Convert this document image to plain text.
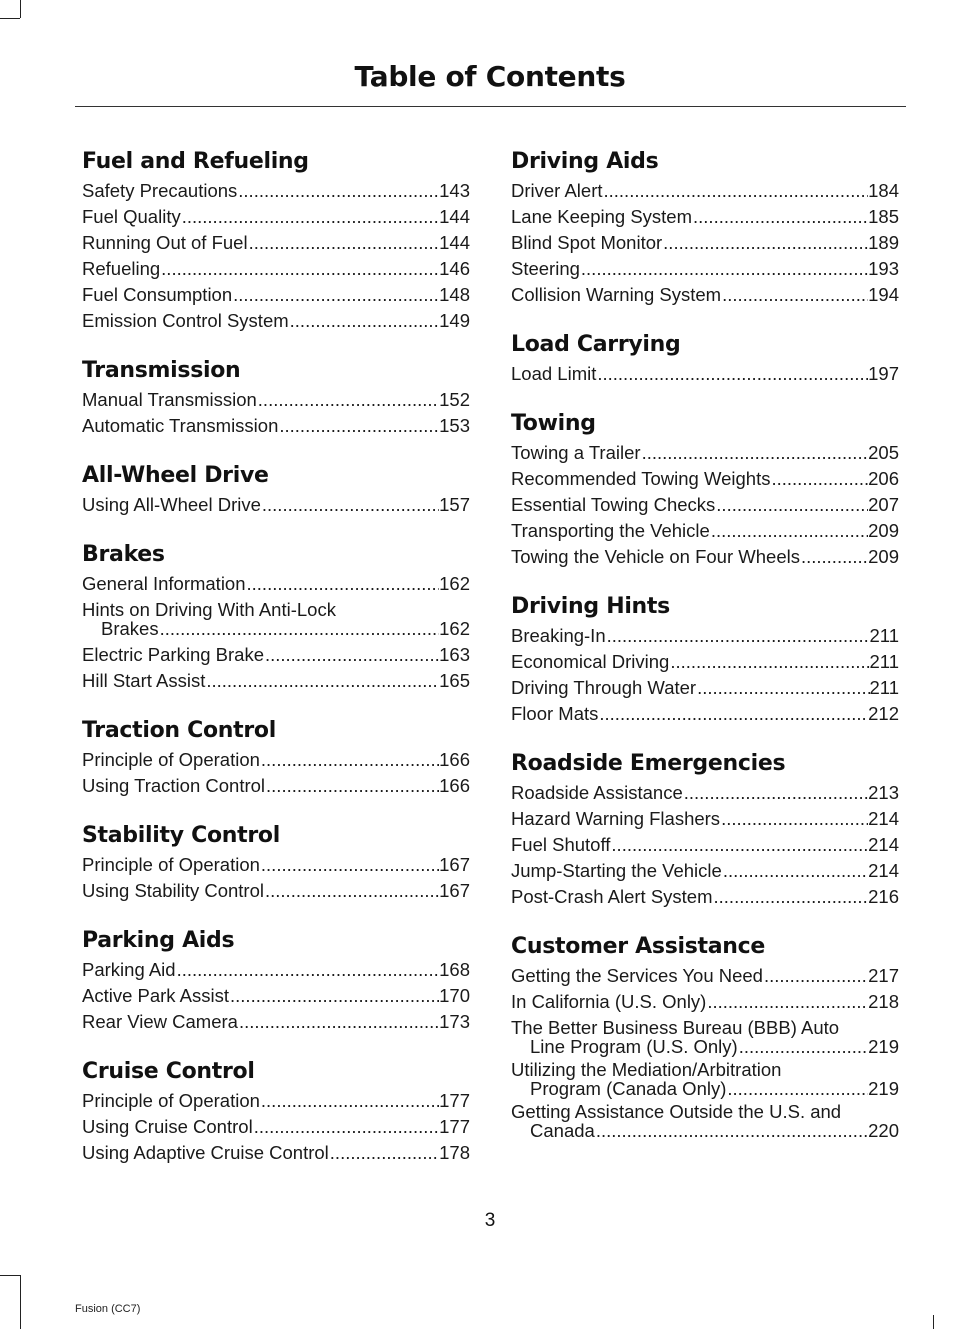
Table of Contents
Fuel and Refueling
Safety Precautions .....	143
Fuel Quality .....	144
Running Out of Fuel .....	144
Refueling .....	146
Fuel Consumption .....	148
Emission Control System .....	149
Transmission
Manual Transmission .....	152
Automatic Transmission .....	153
All-Wheel Drive
Using All-Wheel Drive .....	157
Brakes
General Information .....	162
Hints on Driving With Anti-Lock
Brakes .....	162
Electric Parking Brake .....	163
Hill Start Assist .....	165
Traction Control
Principle of Operation .....	166
Using Traction Control .....	166
Stability Control
Principle of Operation .....	167
Using Stability Control .....	167
Parking Aids
Parking Aid .....	168
Active Park Assist .....	170
Rear View Camera .....	173
Cruise Control
Principle of Operation .....	177
Using Cruise Control .....	177
Using Adaptive Cruise Control .....	178
Driving Aids
Driver Alert .....	184
Lane Keeping System .....	185
Blind Spot Monitor .....	189
Steering .....	193
Collision Warning System .....	194
Load Carrying
Load Limit .....	197
Towing
Towing a Trailer .....	205
Recommended Towing Weights .....	206
Essential Towing Checks .....	207
Transporting the Vehicle .....	209
Towing the Vehicle on Four Wheels .....	209
Driving Hints
Breaking-In .....	211
Economical Driving .....	211
Driving Through Water .....	211
Floor Mats .....	212
Roadside Emergencies
Roadside Assistance .....	213
Hazard Warning Flashers .....	214
Fuel Shutoff .....	214
Jump-Starting the Vehicle .....	214
Post-Crash Alert System .....	216
Customer Assistance
Getting the Services You Need .....	217
In California (U.S. Only) .....	218
The Better Business Bureau (BBB) Auto
Line Program (U.S. Only) .....	219
Utilizing the Mediation/Arbitration
Program (Canada Only) .....	219
Getting Assistance Outside the U.S. and
Canada .....	220
3
Fusion (CC7)
